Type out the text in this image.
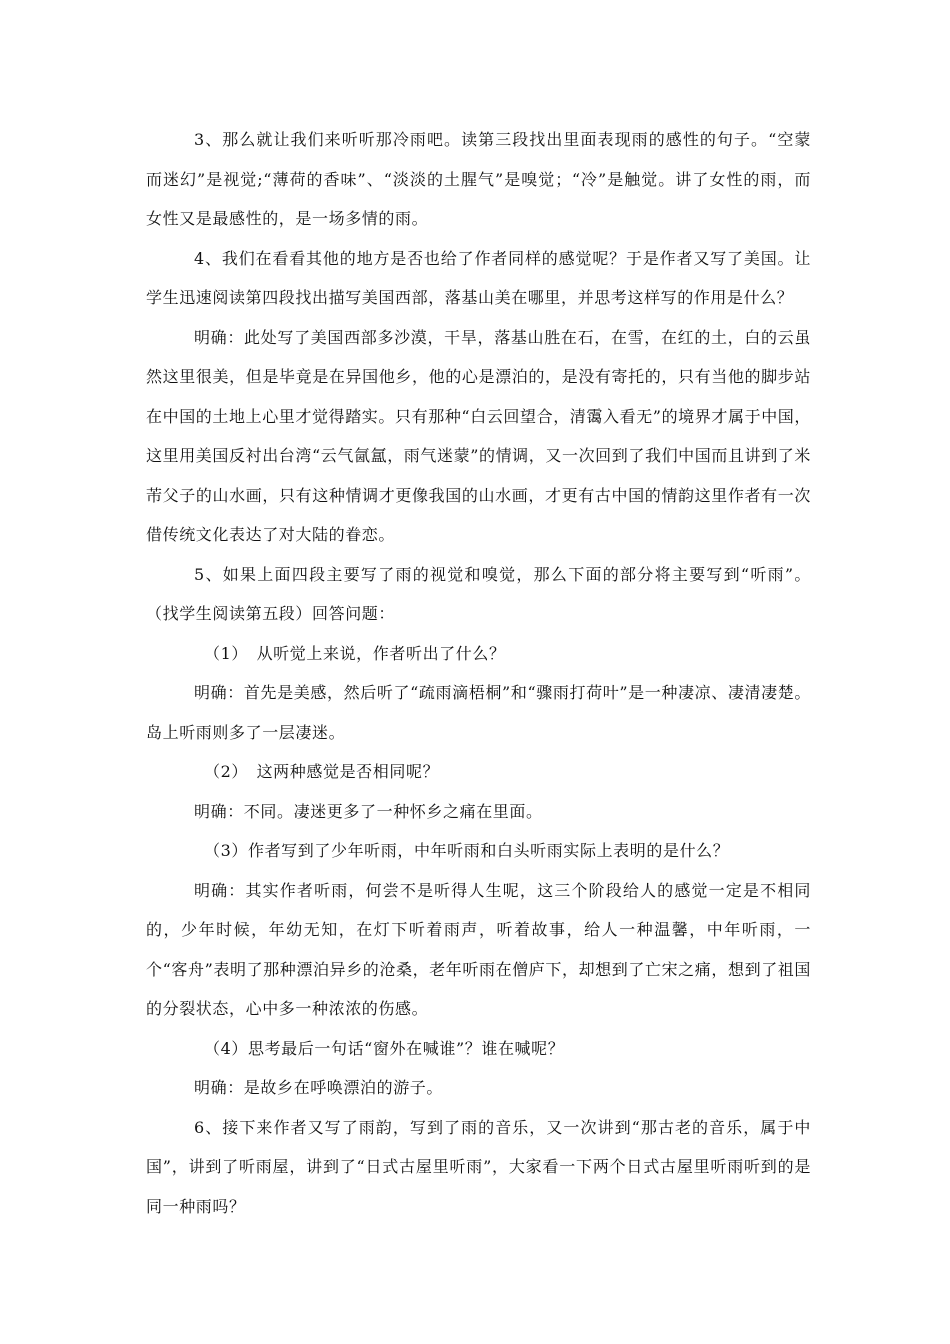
3、那么就让我们来听听那冷雨吧。读第三段找出里面表现雨的感性的句子。“空蒙而迷幻”是视觉;“薄荷的香味”、“淡淡的土腥气”是嗅觉；“冷”是触觉。讲了女性的雨，而女性又是最感性的，是一场多情的雨。

4、我们在看看其他的地方是否也给了作者同样的感觉呢？于是作者又写了美国。让学生迅速阅读第四段找出描写美国西部，落基山美在哪里，并思考这样写的作用是什么？

明确：此处写了美国西部多沙漠，干旱，落基山胜在石，在雪，在红的土，白的云虽然这里很美，但是毕竟是在异国他乡，他的心是漂泊的，是没有寄托的，只有当他的脚步站在中国的土地上心里才觉得踏实。只有那种“白云回望合，清霭入看无”的境界才属于中国，这里用美国反衬出台湾“云气氤氲，雨气迷蒙”的情调，又一次回到了我们中国而且讲到了米芾父子的山水画，只有这种情调才更像我国的山水画，才更有古中国的情韵这里作者有一次借传统文化表达了对大陆的眷恋。

5、如果上面四段主要写了雨的视觉和嗅觉，那么下面的部分将主要写到“听雨”。（找学生阅读第五段）回答问题：

（1）　从听觉上来说，作者听出了什么？

明确：首先是美感，然后听了“疏雨滴梧桐”和“骤雨打荷叶”是一种凄凉、凄清凄楚。岛上听雨则多了一层凄迷。

（2）　这两种感觉是否相同呢？

明确：不同。凄迷更多了一种怀乡之痛在里面。

（3）作者写到了少年听雨，中年听雨和白头听雨实际上表明的是什么？

明确：其实作者听雨，何尝不是听得人生呢，这三个阶段给人的感觉一定是不相同的，少年时候，年幼无知，在灯下听着雨声，听着故事，给人一种温馨，中年听雨，一个“客舟”表明了那种漂泊异乡的沧桑，老年听雨在僧庐下，却想到了亡宋之痛，想到了祖国的分裂状态，心中多一种浓浓的伤感。

（4）思考最后一句话“窗外在喊谁”？谁在喊呢？

明确：是故乡在呼唤漂泊的游子。

6、接下来作者又写了雨韵，写到了雨的音乐，又一次讲到“那古老的音乐，属于中国”，讲到了听雨屋，讲到了“日式古屋里听雨”，大家看一下两个日式古屋里听雨听到的是同一种雨吗？
